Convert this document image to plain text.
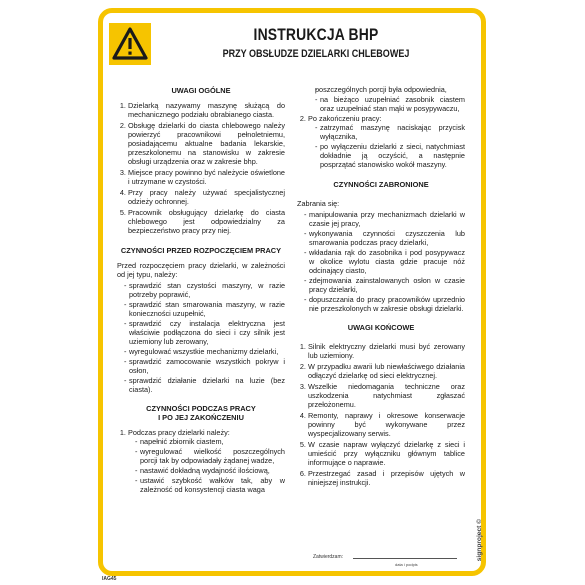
INSTRUKCJA BHP
PRZY OBSŁUDZE DZIELARKI CHLEBOWEJ
UWAGI OGÓLNE
1. Dzielarką nazywamy maszynę służącą do mechanicznego podziału obrabianego ciasta.
2. Obsługę dzielarki do ciasta chlebowego należy powierzyć pracownikowi pełnoletniemu, posiadającemu aktualne badania lekarskie, przeszkolonemu na stanowisku w zakresie obsługi urządzenia oraz w zakresie bhp.
3. Miejsce pracy powinno być należycie oświetlone i utrzymane w czystości.
4. Przy pracy należy używać specjalistycznej odzieży ochronnej.
5. Pracownik obsługujący dzielarkę do ciasta chlebowego jest odpowiedzialny za bezpieczeństwo pracy przy niej.
CZYNNOŚCI PRZED ROZPOCZĘCIEM PRACY

Przed rozpoczęciem pracy dzielarki, w zależności od jej typu, należy:

- sprawdzić stan czystości maszyny, w razie potrzeby poprawić,
- sprawdzić stan smarowania maszyny, w razie konieczności uzupełnić,
- sprawdzić czy instalacja elektryczna jest właściwie podłączona do sieci i czy silnik jest uziemiony lub zerowany,
- wyregulować wszystkie mechanizmy dzielarki,
- sprawdzić zamocowanie wszystkich pokryw i osłon,
- sprawdzić działanie dzielarki na luzie (bez ciasta).
CZYNNOŚCI PODCZAS PRACY
I PO JEJ ZAKOŃCZENIU
1. Podczas pracy dzielarki należy:
- napełnić zbiornik ciastem,
- wyregulować wielkość poszczególnych porcji tak by odpowiadały żądanej wadze,
- nastawić dokładną wydajność ilościową,
- ustawić szybkość wałków tak, aby w zależność od konsystencji ciasta waga
- poszczególnych porcji była odpowiednia,
- na bieżąco uzupełniać zasobnik ciastem oraz uzupełniać stan mąki w posypywaczu,
2. Po zakończeniu pracy:
- zatrzymać maszynę naciskając przycisk wyłącznika,
- po wyłączeniu dzielarki z sieci, natychmiast dokładnie ją oczyścić, a następnie posprzątać stanowisko wokół maszyny.
CZYNNOŚCI ZABRONIONE

Zabrania się:

- manipulowania przy mechanizmach dzielarki w czasie jej pracy,
- wykonywania czynności czyszczenia lub smarowania podczas pracy dzielarki,
- wkładania rąk do zasobnika i pod posypywacz w okolice wylotu ciasta gdzie pracuje nóż odcinający ciasto,
- zdejmowania zainstalowanych osłon w czasie pracy dzielarki,
- dopuszczania do pracy pracowników uprzednio nie przeszkolonych w zakresie obsługi dzielarki.
UWAGI KOŃCOWE
1. Silnik elektryczny dzielarki musi być zerowany lub uziemiony.
2. W przypadku awarii lub niewłaściwego działania odłączyć dzielarkę od sieci elektrycznej.
3. Wszelkie niedomagania techniczne oraz uszkodzenia natychmiast zgłaszać przełożonemu.
4. Remonty, naprawy i okresowe konserwacje powinny być wykonywane przez wyspecjalizowany serwis.
5. W czasie napraw wyłączyć dzielarkę z sieci i umieścić przy wyłączniku głównym tablice informujące o naprawie.
6. Przestrzegać zasad i przepisów ujętych w niniejszej instrukcji.
Zatwierdzam:
data i podpis
signproject ©
IAG45
